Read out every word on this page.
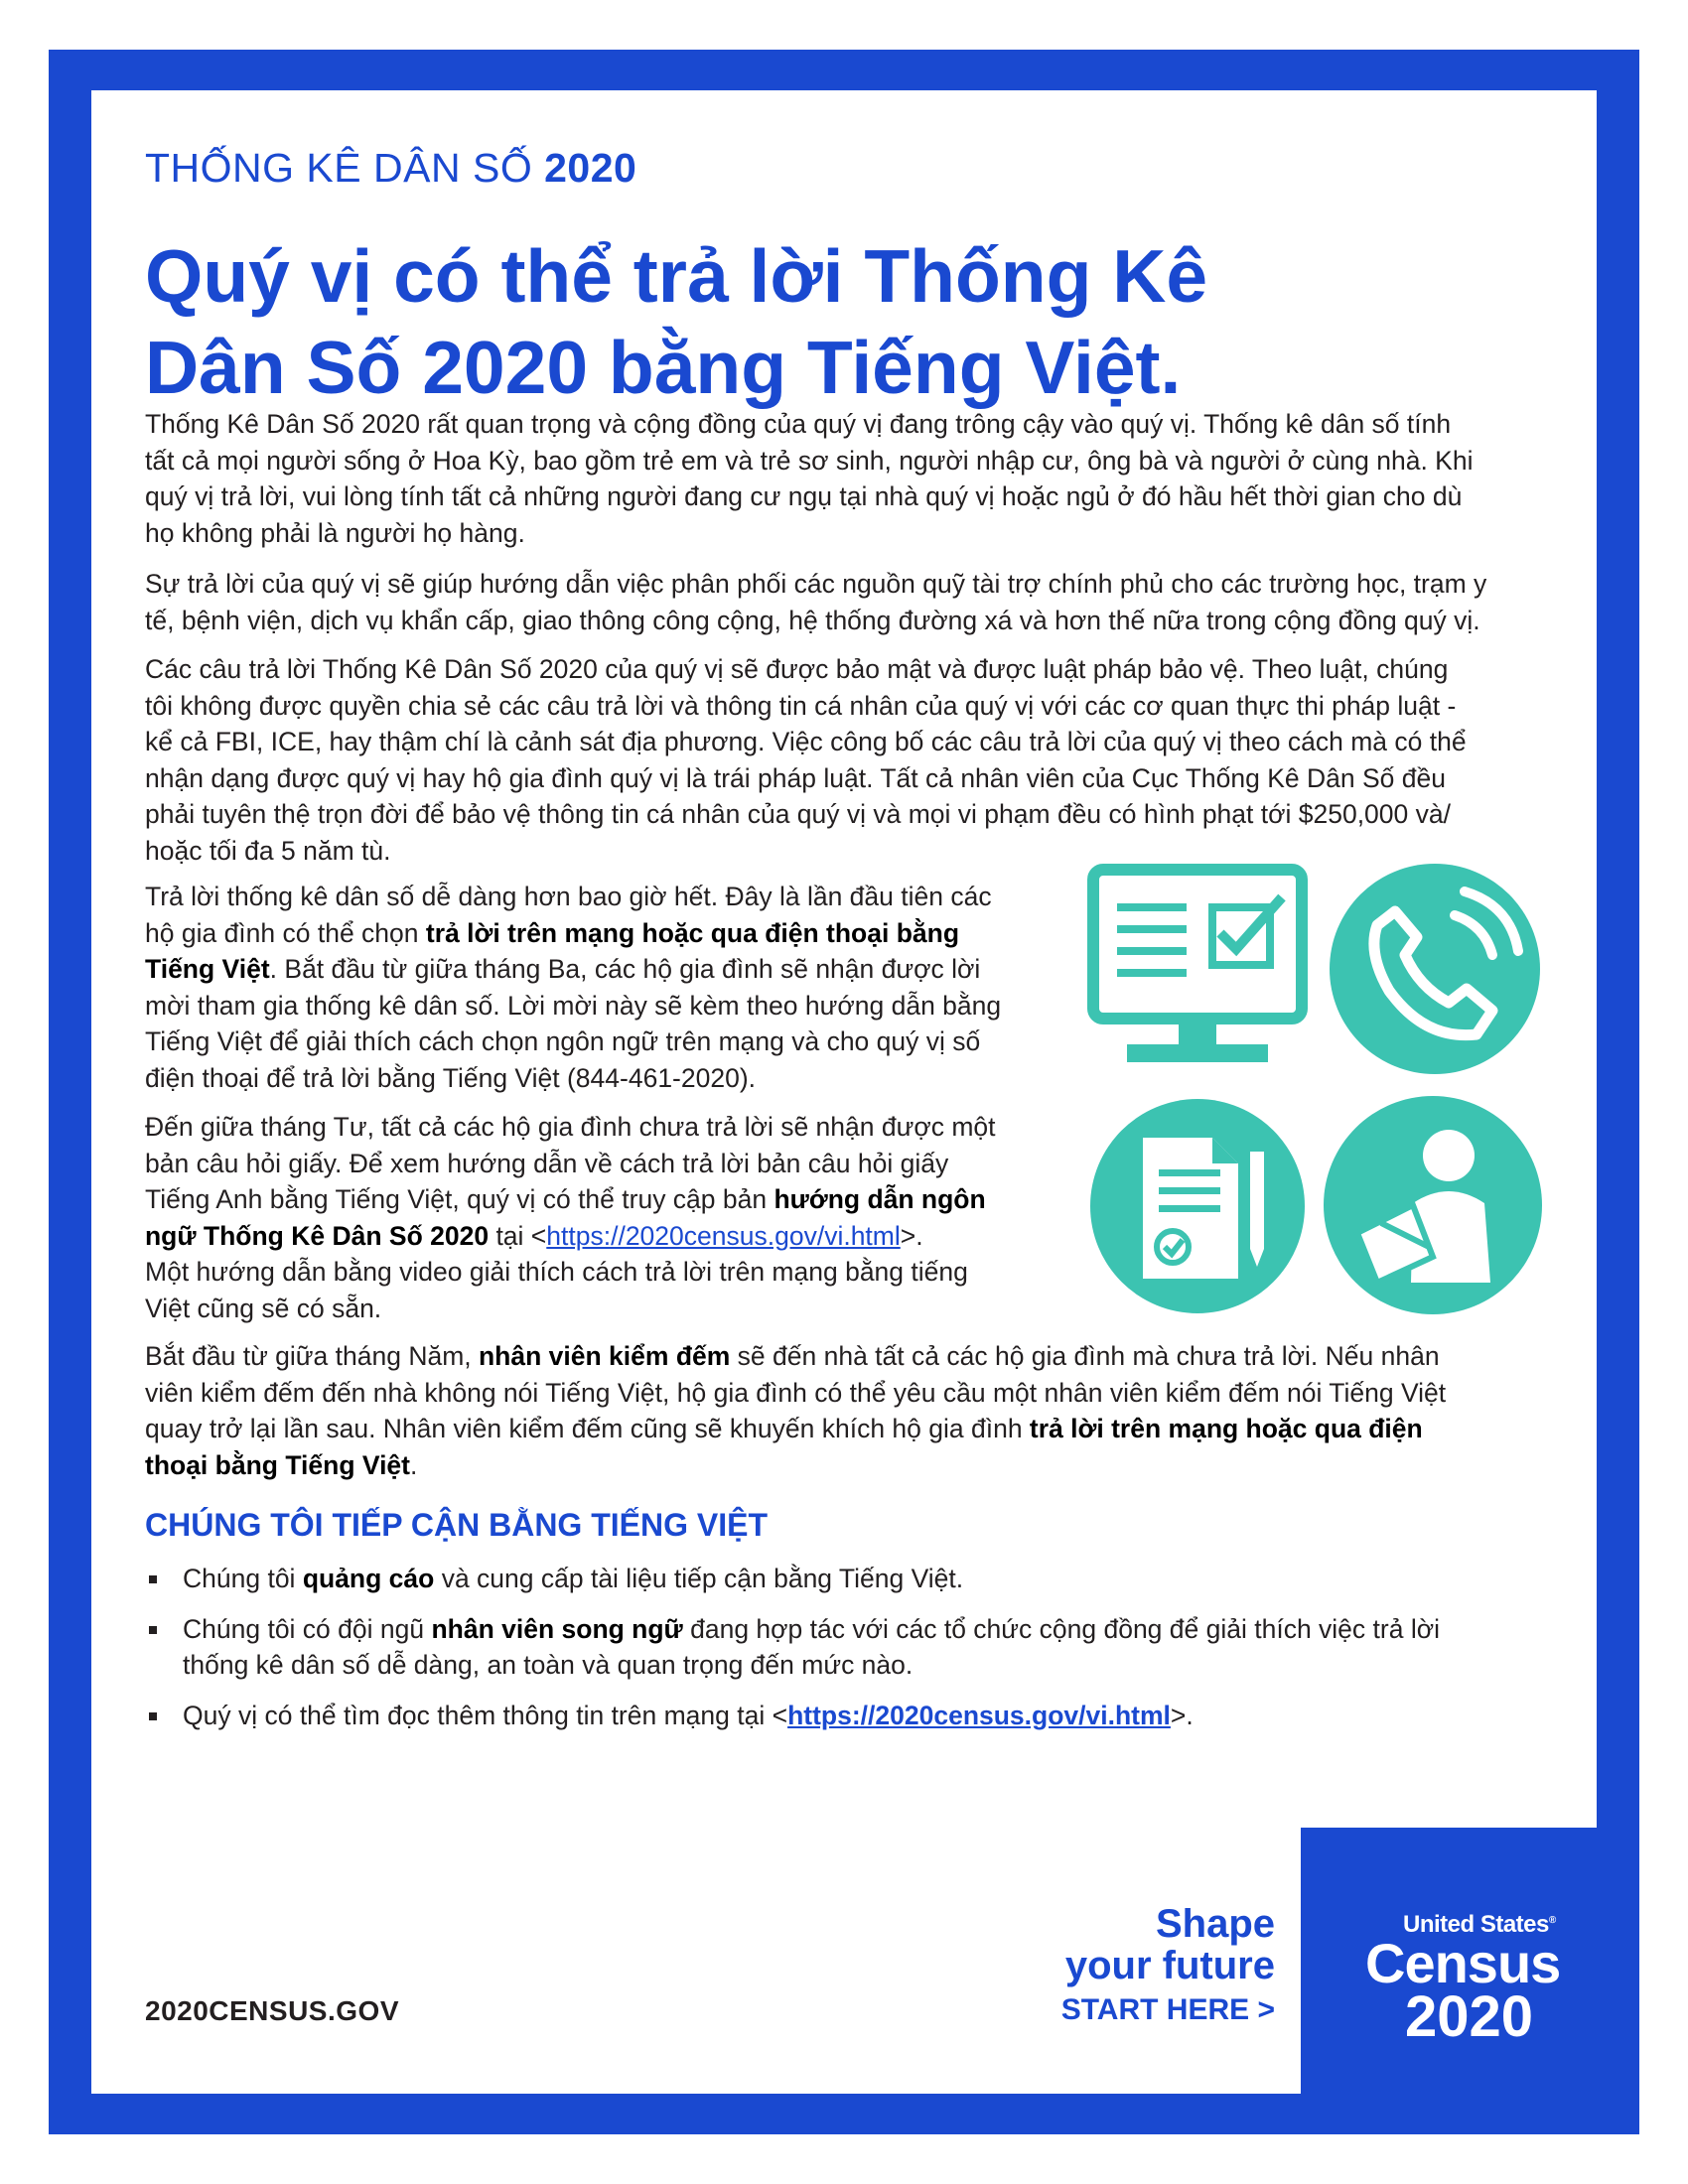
THỐNG KÊ DÂN SỐ 2020
Quý vị có thể trả lời Thống Kê
Dân Số 2020 bằng Tiếng Việt.

Thống Kê Dân Số 2020 rất quan trọng và cộng đồng của quý vị đang trông cậy vào quý vị. Thống kê dân số tính
tất cả mọi người sống ở Hoa Kỳ, bao gồm trẻ em và trẻ sơ sinh, người nhập cư, ông bà và người ở cùng nhà. Khi
quý vị trả lời, vui lòng tính tất cả những người đang cư ngụ tại nhà quý vị hoặc ngủ ở đó hầu hết thời gian cho dù
họ không phải là người họ hàng.

Sự trả lời của quý vị sẽ giúp hướng dẫn việc phân phối các nguồn quỹ tài trợ chính phủ cho các trường học, trạm y
tế, bệnh viện, dịch vụ khẩn cấp, giao thông công cộng, hệ thống đường xá và hơn thế nữa trong cộng đồng quý vị.

Các câu trả lời Thống Kê Dân Số 2020 của quý vị sẽ được bảo mật và được luật pháp bảo vệ. Theo luật, chúng
tôi không được quyền chia sẻ các câu trả lời và thông tin cá nhân của quý vị với các cơ quan thực thi pháp luật -
kể cả FBI, ICE, hay thậm chí là cảnh sát địa phương. Việc công bố các câu trả lời của quý vị theo cách mà có thể
nhận dạng được quý vị hay hộ gia đình quý vị là trái pháp luật. Tất cả nhân viên của Cục Thống Kê Dân Số đều
phải tuyên thệ trọn đời để bảo vệ thông tin cá nhân của quý vị và mọi vi phạm đều có hình phạt tới $250,000 và/
hoặc tối đa 5 năm tù.

Trả lời thống kê dân số dễ dàng hơn bao giờ hết. Đây là lần đầu tiên các
hộ gia đình có thể chọn trả lời trên mạng hoặc qua điện thoại bằng
Tiếng Việt. Bắt đầu từ giữa tháng Ba, các hộ gia đình sẽ nhận được lời
mời tham gia thống kê dân số. Lời mời này sẽ kèm theo hướng dẫn bằng
Tiếng Việt để giải thích cách chọn ngôn ngữ trên mạng và cho quý vị số
điện thoại để trả lời bằng Tiếng Việt (844-461-2020).

Đến giữa tháng Tư, tất cả các hộ gia đình chưa trả lời sẽ nhận được một
bản câu hỏi giấy. Để xem hướng dẫn về cách trả lời bản câu hỏi giấy
Tiếng Anh bằng Tiếng Việt, quý vị có thể truy cập bản hướng dẫn ngôn
ngữ Thống Kê Dân Số 2020 tại <https://2020census.gov/vi.html>.
Một hướng dẫn bằng video giải thích cách trả lời trên mạng bằng tiếng
Việt cũng sẽ có sẵn.

Bắt đầu từ giữa tháng Năm, nhân viên kiểm đếm sẽ đến nhà tất cả các hộ gia đình mà chưa trả lời. Nếu nhân
viên kiểm đếm đến nhà không nói Tiếng Việt, hộ gia đình có thể yêu cầu một nhân viên kiểm đếm nói Tiếng Việt
quay trở lại lần sau. Nhân viên kiểm đếm cũng sẽ khuyến khích hộ gia đình trả lời trên mạng hoặc qua điện
thoại bằng Tiếng Việt.

CHÚNG TÔI TIẾP CẬN BẰNG TIẾNG VIỆT
Chúng tôi quảng cáo và cung cấp tài liệu tiếp cận bằng Tiếng Việt.
Chúng tôi có đội ngũ nhân viên song ngữ đang hợp tác với các tổ chức cộng đồng để giải thích việc trả lời
thống kê dân số dễ dàng, an toàn và quan trọng đến mức nào.
Quý vị có thể tìm đọc thêm thông tin trên mạng tại <https://2020census.gov/vi.html>.
2020CENSUS.GOV
Shape
your future
START HERE >
United States®
Census
2020
